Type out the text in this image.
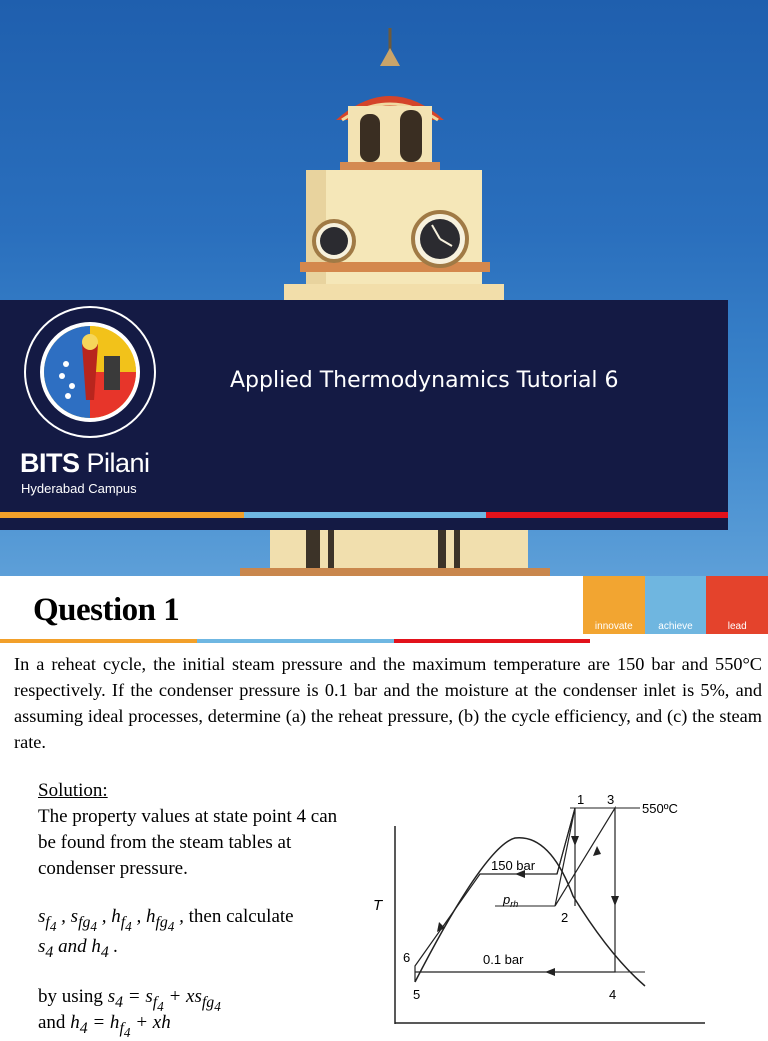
BITS Pilani
Hyderabad Campus
Applied Thermodynamics Tutorial 6
Question 1	innovate	achieve	lead
In a reheat cycle, the initial steam pressure and the maximum temperature are 150 bar and 550°C respectively. If the condenser pressure is 0.1 bar and the moisture at the condenser inlet is 5%, and assuming ideal processes, determine (a) the reheat pressure, (b) the cycle efficiency, and (c) the steam rate.
Solution:
The property values at state point 4 can be found from the steam tables at condenser pressure.
$s_{f_4}$ , $s_{fg_4}$ , $h_{f_4}$ , $h_{fg_4}$ , then calculate
$s_4$ and $h_4$ .
by using $s_4 = s_{f_4} + xs_{fg_4}$
and $h_4 = h_{f_4}$ + xh
T
1 3
550ºC
150 bar
$p_{rh}$
2
6	0.1 bar
5	4
